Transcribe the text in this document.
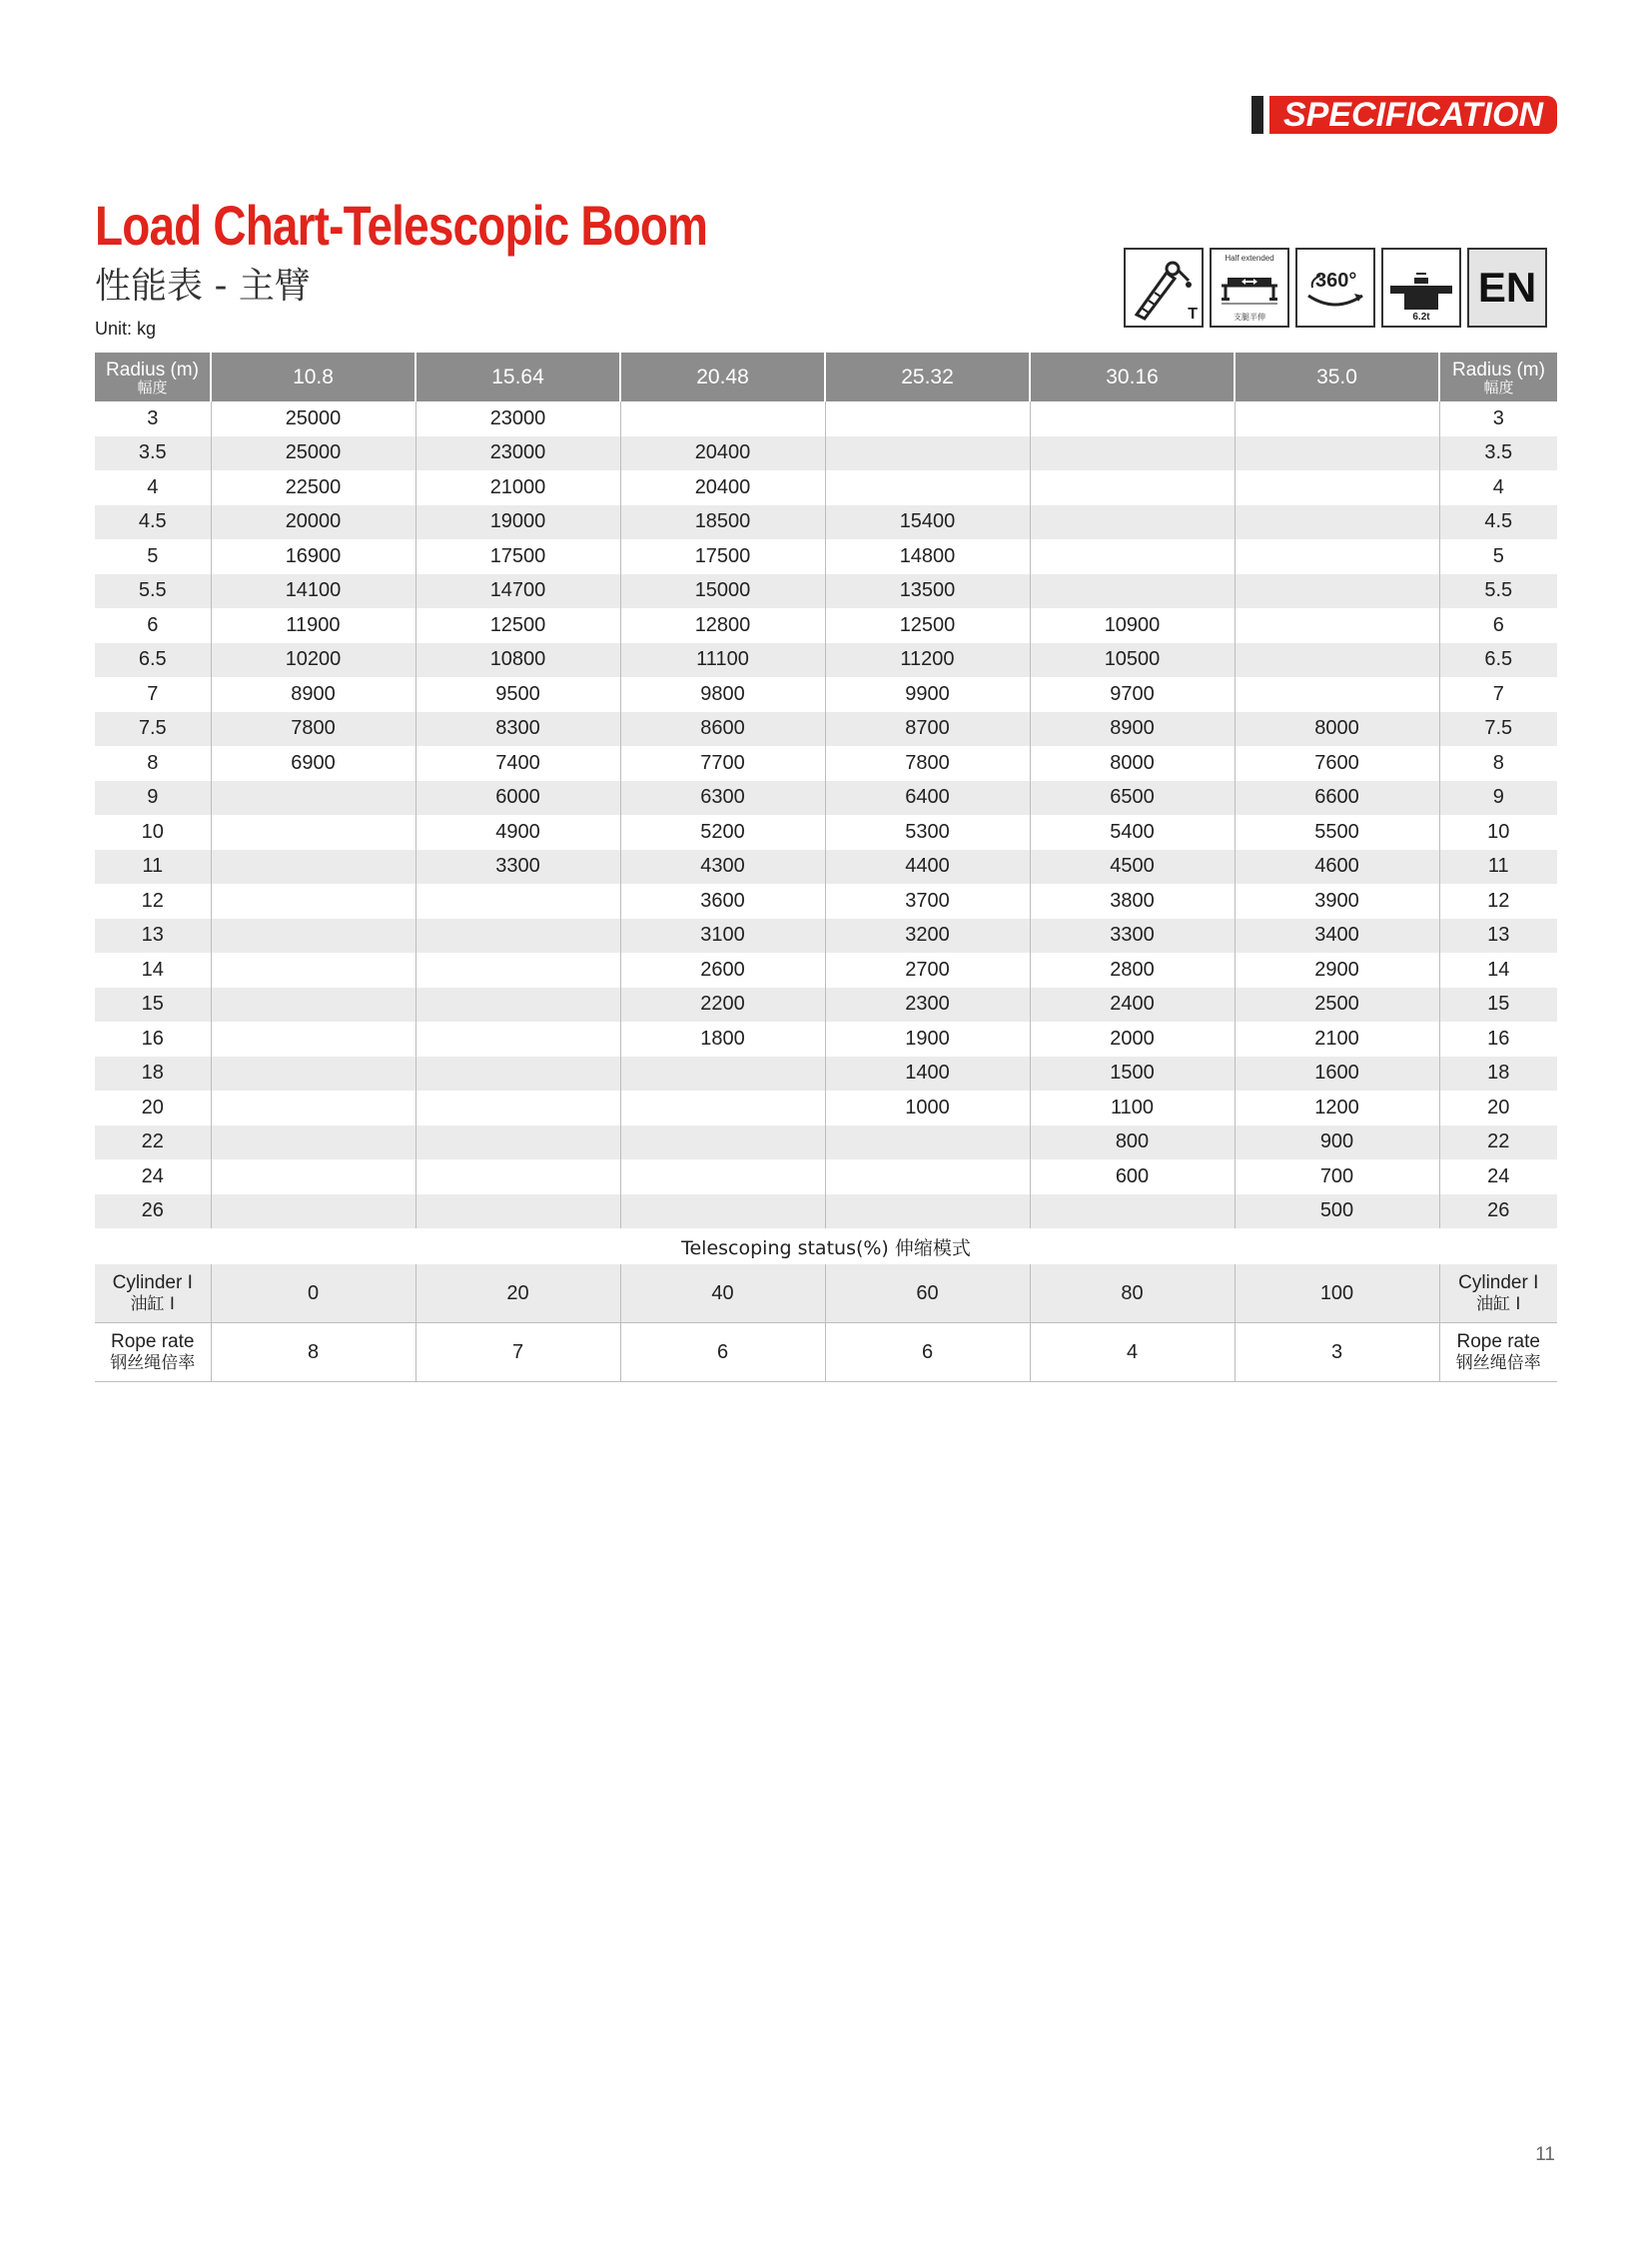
SPECIFICATION
Load Chart-Telescopic Boom
性能表 - 主臂
Unit: kg
T
Half extended
支腿半伸
360°
6.2t
EN
Radius (m)
幅度	10.8	15.64	20.48	25.32	30.16	35.0	Radius (m)
幅度

3	25000	23000					3
3.5	25000	23000	20400				3.5
4	22500	21000	20400				4
4.5	20000	19000	18500	15400			4.5
5	16900	17500	17500	14800			5
5.5	14100	14700	15000	13500			5.5
6	11900	12500	12800	12500	10900		6
6.5	10200	10800	11100	11200	10500		6.5
7	8900	9500	9800	9900	9700		7
7.5	7800	8300	8600	8700	8900	8000	7.5
8	6900	7400	7700	7800	8000	7600	8
9		6000	6300	6400	6500	6600	9
10		4900	5200	5300	5400	5500	10
11		3300	4300	4400	4500	4600	11
12			3600	3700	3800	3900	12
13			3100	3200	3300	3400	13
14			2600	2700	2800	2900	14
15			2200	2300	2400	2500	15
16			1800	1900	2000	2100	16
18				1400	1500	1600	18
20				1000	1100	1200	20
22					800	900	22
24					600	700	24
26						500	26
Telescoping status(%) 伸缩模式							

Cylinder I
油缸 I	0	20	40	60	80	100	Cylinder I
油缸 I

Rope rate
钢丝绳倍率	8	7	6	6	4	3	Rope rate
钢丝绳倍率
11
